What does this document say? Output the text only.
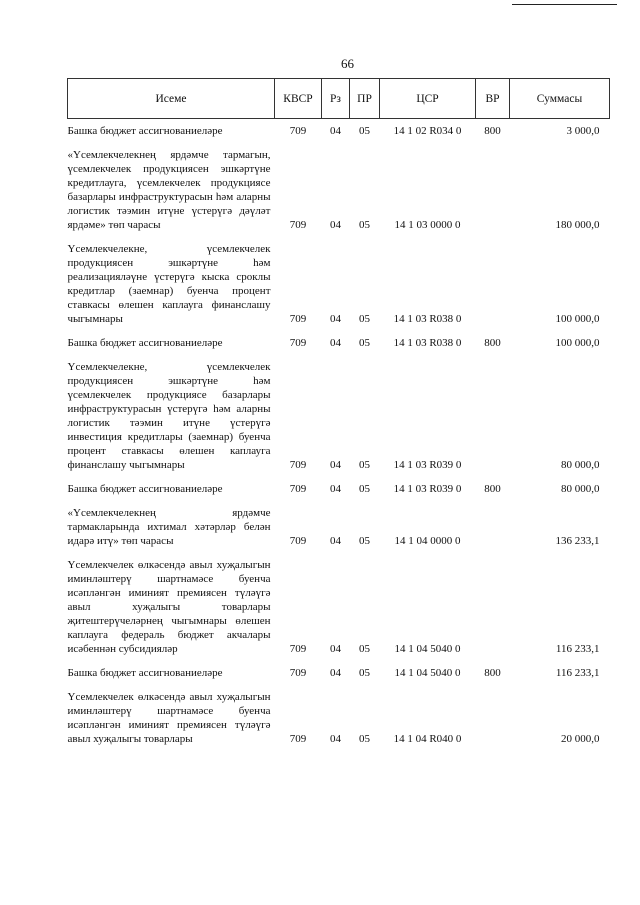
66
Исеме	КВСР	Рз	ПР	ЦСР	ВР	Суммасы
Башка бюджет ассигнованиеләре	709	04	05	14 1 02 R034 0	800	3 000,0
«Үсемлекчелекнең ярдәмче тармагын, үсемлекчелек продукциясен эшкәртүне кредитлауга, үсемлекчелек продукциясе базарлары инфраструктурасын һәм аларны логистик тәэмин итүне үстерүгә дәүләт ярдәме» төп чарасы	709	04	05	14 1 03 0000 0		180 000,0
Үсемлекчелекне, үсемлекчелек продукциясен эшкәртүне һәм реализацияләүне үстерүгә кыска сроклы кредитлар (заемнар) буенча процент ставкасы өлешен каплауга финанслашу чыгымнары	709	04	05	14 1 03 R038 0		100 000,0
Башка бюджет ассигнованиеләре	709	04	05	14 1 03 R038 0	800	100 000,0
Үсемлекчелекне, үсемлекчелек продукциясен эшкәртүне һәм үсемлекчелек продукциясе базарлары инфраструктурасын үстерүгә һәм аларны логистик тәэмин итүне үстерүгә инвестиция кредитлары (заемнар) буенча процент ставкасы өлешен каплауга финанслашу чыгымнары	709	04	05	14 1 03 R039 0		80 000,0
Башка бюджет ассигнованиеләре	709	04	05	14 1 03 R039 0	800	80 000,0
«Үсемлекчелекнең ярдәмче тармакларында ихтимал хәтәрләр белән идарә итү» төп чарасы	709	04	05	14 1 04 0000 0		136 233,1
Үсемлекчелек өлкәсендә авыл хуҗалыгын иминләштерү шартнамәсе буенча исәпләнгән иминият премиясен түләүгә авыл хуҗалыгы товарлары җитештерүчеләрнең чыгымнары өлешен каплауга федераль бюджет акчалары исәбеннән субсидияләр	709	04	05	14 1 04 5040 0		116 233,1
Башка бюджет ассигнованиеләре	709	04	05	14 1 04 5040 0	800	116 233,1
Үсемлекчелек өлкәсендә авыл хуҗалыгын иминләштерү шартнамәсе буенча исәпләнгән иминият премиясен түләүгә авыл хуҗалыгы товарлары	709	04	05	14 1 04 R040 0		20 000,0
